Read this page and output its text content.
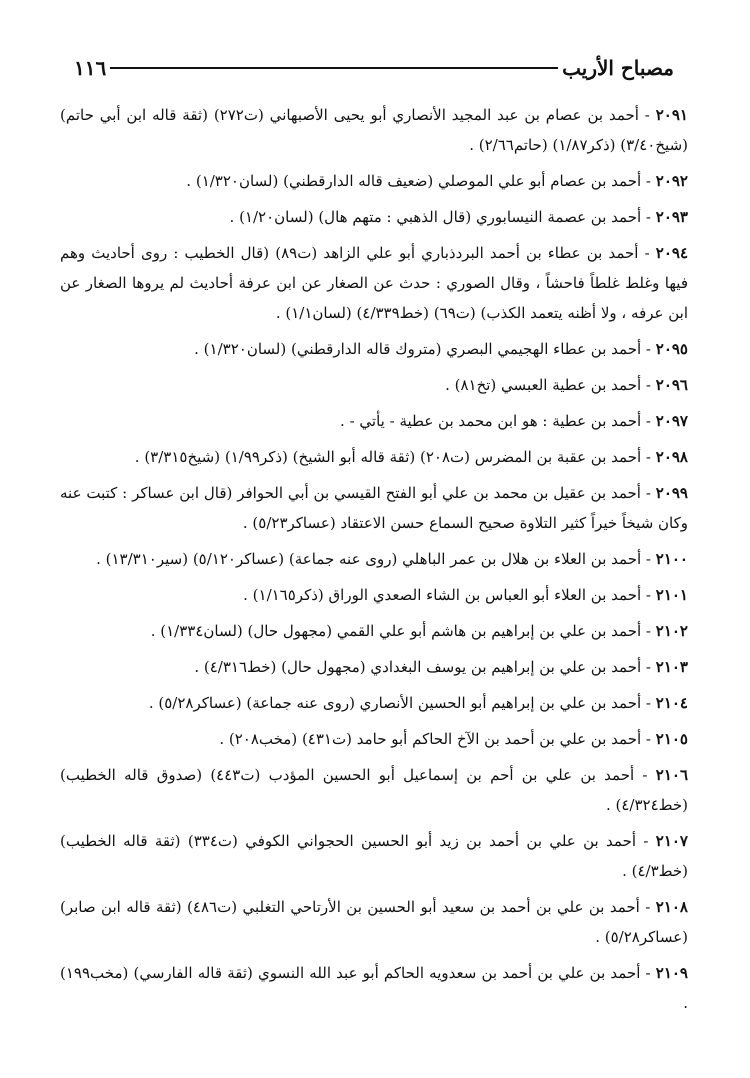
مصباح الأريب
١١٦

٢٠٩١ - أحمد بن عصام بن عبد المجيد الأنصاري أبو يحيى الأصبهاني (ت٢٧٢) (ثقة قاله ابن أبي حاتم) (شيخ٣/٤٠) (ذكر١/٨٧) (حاتم٢/٦٦) .

٢٠٩٢ - أحمد بن عصام أبو علي الموصلي (ضعيف قاله الدارقطني) (لسان١/٣٢٠) .

٢٠٩٣ - أحمد بن عصمة النيسابوري (قال الذهبي : متهم هال) (لسان١/٢٠) .

٢٠٩٤ - أحمد بن عطاء بن أحمد البردذباري أبو علي الزاهد (ت٨٩) (قال الخطيب : روى أحاديث وهم فيها وغلط غلطاً فاحشاً ، وقال الصوري : حدث عن الصغار عن ابن عرفة أحاديث لم يروها الصغار عن ابن عرفه ، ولا أظنه يتعمد الكذب) (ت٦٩) (خط٤/٣٣٩) (لسان١/١) .

٢٠٩٥ - أحمد بن عطاء الهجيمي البصري (متروك قاله الدارقطني) (لسان١/٣٢٠) .

٢٠٩٦ - أحمد بن عطية العبسي (تخ٨١) .

٢٠٩٧ - أحمد بن عطية : هو ابن محمد بن عطية - يأتي - .

٢٠٩٨ - أحمد بن عقبة بن المضرس (ت٢٠٨) (ثقة قاله أبو الشيخ) (ذكر١/٩٩) (شيخ٣/٣١٥) .

٢٠٩٩ - أحمد بن عقيل بن محمد بن علي أبو الفتح القيسي بن أبي الحوافر (قال ابن عساكر : كتبت عنه وكان شيخاً خيراً كثير التلاوة صحيح السماع حسن الاعتقاد (عساكر٥/٢٣) .

٢١٠٠ - أحمد بن العلاء بن هلال بن عمر الباهلي (روى عنه جماعة) (عساكر٥/١٢٠) (سير١٣/٣١٠) .

٢١٠١ - أحمد بن العلاء أبو العباس بن الشاء الصعدي الوراق (ذكر١/١٦٥) .

٢١٠٢ - أحمد بن علي بن إبراهيم بن هاشم أبو علي القمي (مجهول حال) (لسان١/٣٣٤) .

٢١٠٣ - أحمد بن علي بن إبراهيم بن يوسف البغدادي (مجهول حال) (خط٤/٣١٦) .

٢١٠٤ - أحمد بن علي بن إبراهيم أبو الحسين الأنصاري (روى عنه جماعة) (عساكر٥/٢٨) .

٢١٠٥ - أحمد بن علي بن أحمد بن الآخ الحاكم أبو حامد (ت٤٣١) (مخب٢٠٨) .

٢١٠٦ - أحمد بن علي بن أحم بن إسماعيل أبو الحسين المؤدب (ت٤٤٣) (صدوق قاله الخطيب) (خط٤/٣٢٤) .

٢١٠٧ - أحمد بن علي بن أحمد بن زيد أبو الحسين الحجواني الكوفي (ت٣٣٤) (ثقة قاله الخطيب) (خط٤/٣) .

٢١٠٨ - أحمد بن علي بن أحمد بن سعيد أبو الحسين بن الأرتاحي التغلبي (ت٤٨٦) (ثقة قاله ابن صابر) (عساكر٥/٢٨) .

٢١٠٩ - أحمد بن علي بن أحمد بن سعدويه الحاكم أبو عبد الله النسوي (ثقة قاله الفارسي) (مخب١٩٩) .
